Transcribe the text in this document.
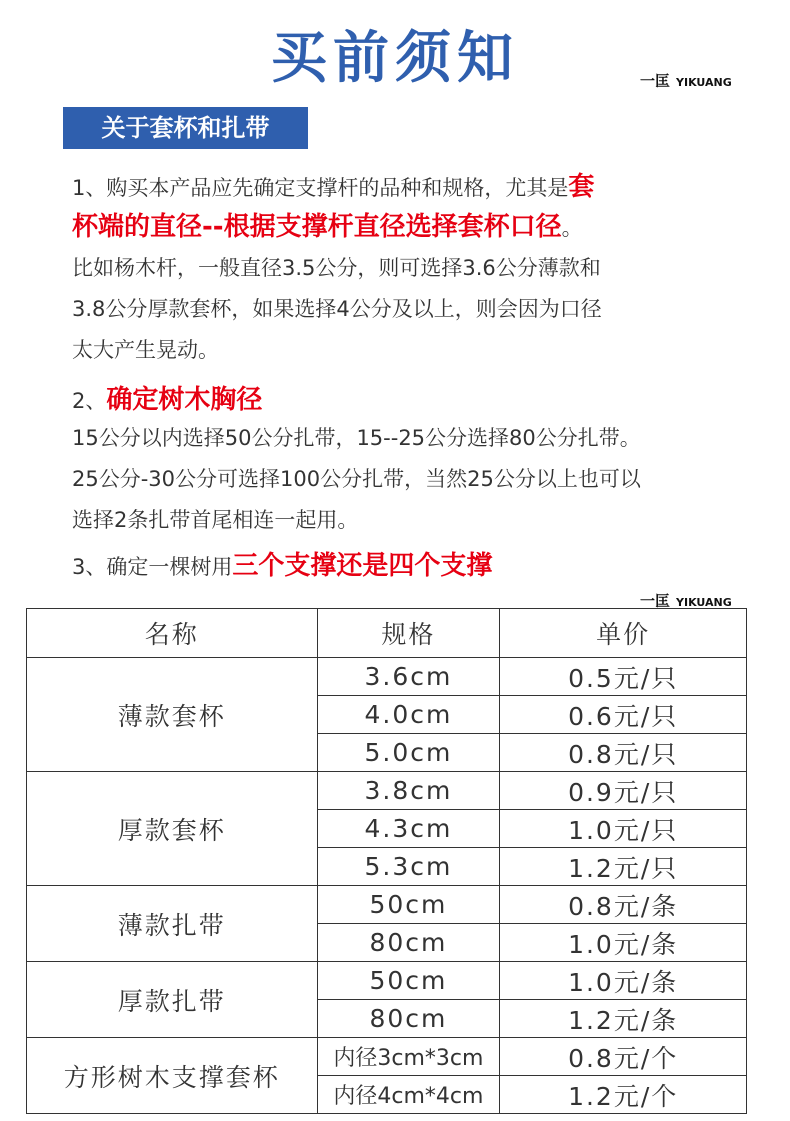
买前须知	一匡 YIKUANG
关于套杯和扎带
1、购买本产品应先确定支撑杆的品种和规格，尤其是套
杯端的直径--根据支撑杆直径选择套杯口径。
比如杨木杆，一般直径3.5公分，则可选择3.6公分薄款和
3.8公分厚款套杯，如果选择4公分及以上，则会因为口径
太大产生晃动。
2、确定树木胸径
15公分以内选择50公分扎带，15--25公分选择80公分扎带。
25公分-30公分可选择100公分扎带，当然25公分以上也可以
选择2条扎带首尾相连一起用。
3、确定一棵树用三个支撑还是四个支撑
一匡 YIKUANG
名称	规格	单价
薄款套杯	3.6cm	0.5元/只
	4.0cm	0.6元/只
	5.0cm	0.8元/只
厚款套杯	3.8cm	0.9元/只
	4.3cm	1.0元/只
	5.3cm	1.2元/只
薄款扎带	50cm	0.8元/条
	80cm	1.0元/条
厚款扎带	50cm	1.0元/条
	80cm	1.2元/条
方形树木支撑套杯	内径3cm*3cm	0.8元/个
	内径4cm*4cm	1.2元/个
